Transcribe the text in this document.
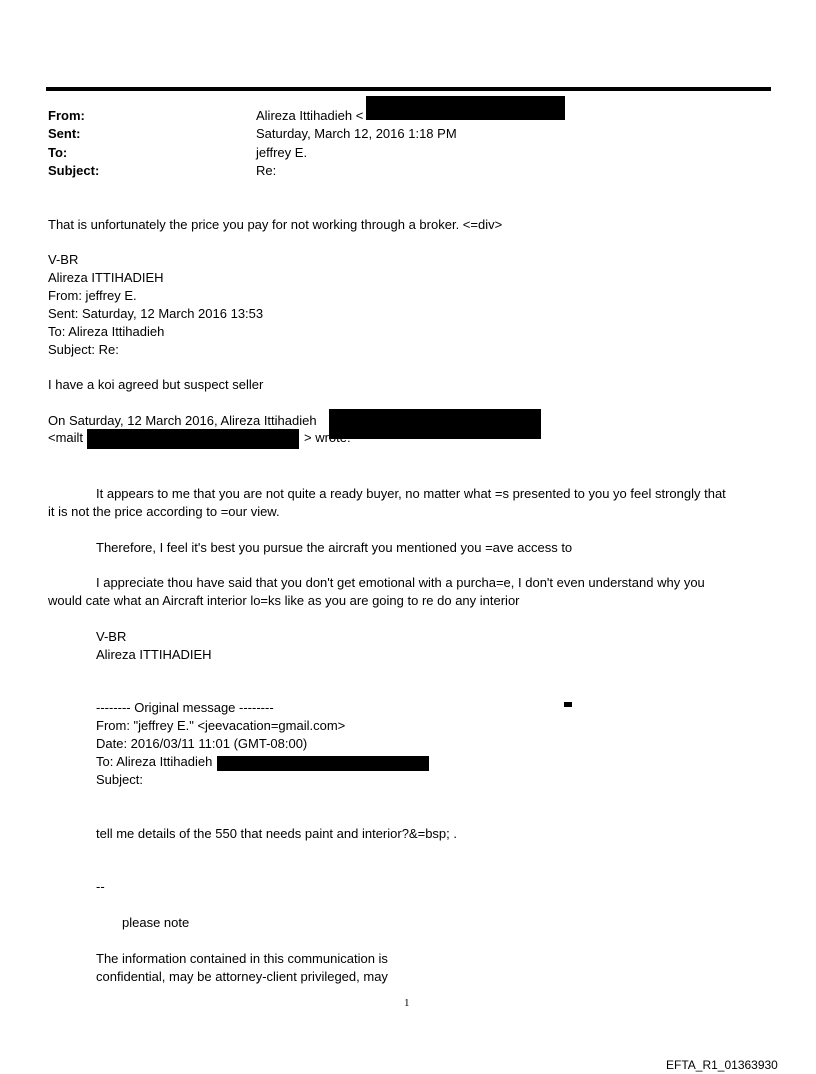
From:	Alireza Ittihadieh <
Sent:	Saturday, March 12, 2016 1:18 PM
To:	jeffrey E.
Subject:	Re:
That is unfortunately the price you pay for not working through a broker. <=div>
V-BR
Alireza ITTIHADIEH
From: jeffrey E.
Sent: Saturday, 12 March 2016 13:53
To: Alireza Ittihadieh
Subject: Re:
I have a koi agreed but suspect seller
On Saturday, 12 March 2016, Alireza Ittihadieh
<mailt	> wrote:
It appears to me that you are not quite a ready buyer, no matter what =s presented to you yo feel strongly that
it is not the price according to =our view.
Therefore, I feel it's best you pursue the aircraft you mentioned you =ave access to
I appreciate thou have said that you don't get emotional with a purcha=e, I don't even understand why you
would cate what an Aircraft interior lo=ks like as you are going to re do any interior
V-BR
Alireza ITTIHADIEH
-------- Original message --------
From: "jeffrey E." <jeevacation=gmail.com>
Date: 2016/03/11 11:01 (GMT-08:00)
To: Alireza Ittihadieh
Subject:
tell me details of the 550 that needs paint and interior?&=bsp; .
--
please note
The information contained in this communication is
confidential, may be attorney-client privileged, may
1
EFTA_R1_01363930
